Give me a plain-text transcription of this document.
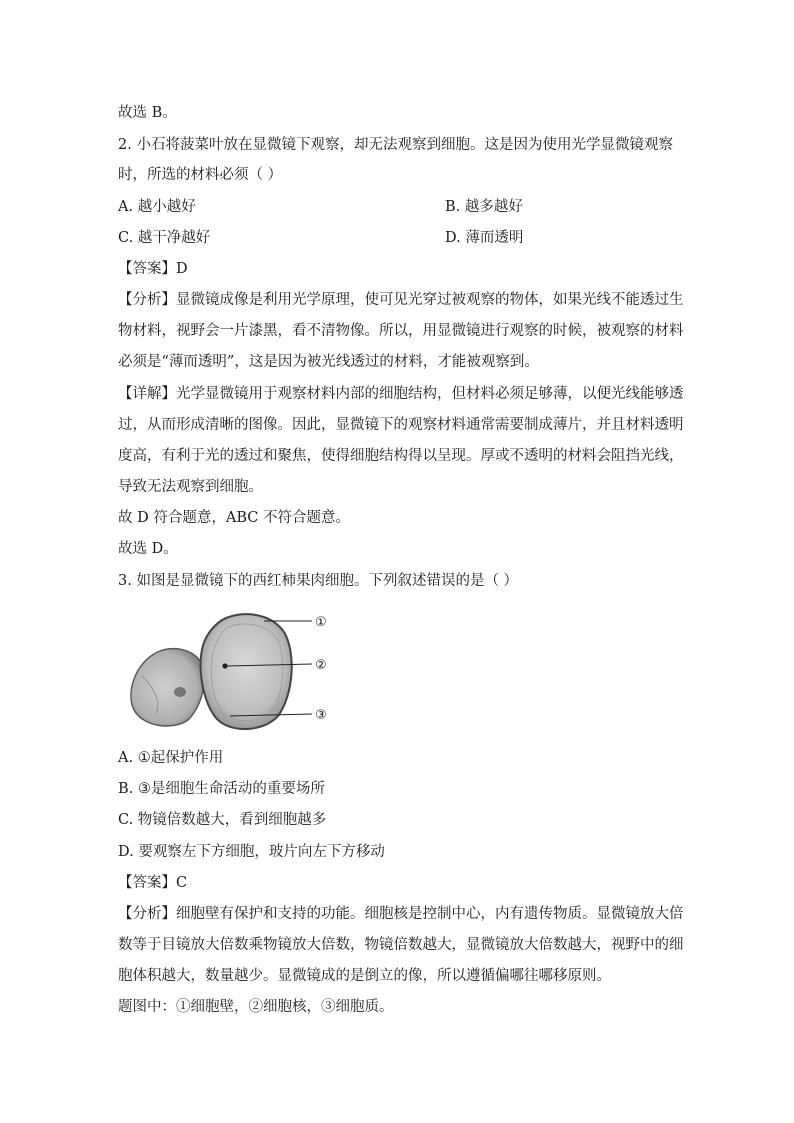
故选 B。
2. 小石将菠菜叶放在显微镜下观察，却无法观察到细胞。这是因为使用光学显微镜观察
时，所选的材料必须（ ）
A. 越小越好	B. 越多越好
C. 越干净越好	D. 薄而透明
【答案】D
【分析】显微镜成像是利用光学原理，使可见光穿过被观察的物体，如果光线不能透过生
物材料，视野会一片漆黑，看不清物像。所以，用显微镜进行观察的时候，被观察的材料
必须是“薄而透明”，这是因为被光线透过的材料，才能被观察到。
【详解】光学显微镜用于观察材料内部的细胞结构，但材料必须足够薄，以便光线能够透
过，从而形成清晰的图像。因此，显微镜下的观察材料通常需要制成薄片，并且材料透明
度高，有利于光的透过和聚焦，使得细胞结构得以呈现。厚或不透明的材料会阻挡光线，
导致无法观察到细胞。
故 D 符合题意，ABC 不符合题意。
故选 D。
3. 如图是显微镜下的西红柿果肉细胞。下列叙述错误的是（ ）
①
②
③
A. ①起保护作用
B. ③是细胞生命活动的重要场所
C. 物镜倍数越大，看到细胞越多
D. 要观察左下方细胞，玻片向左下方移动
【答案】C
【分析】细胞壁有保护和支持的功能。细胞核是控制中心，内有遗传物质。显微镜放大倍
数等于目镜放大倍数乘物镜放大倍数，物镜倍数越大，显微镜放大倍数越大，视野中的细
胞体积越大，数量越少。显微镜成的是倒立的像，所以遵循偏哪往哪移原则。
题图中：①细胞壁，②细胞核，③细胞质。
